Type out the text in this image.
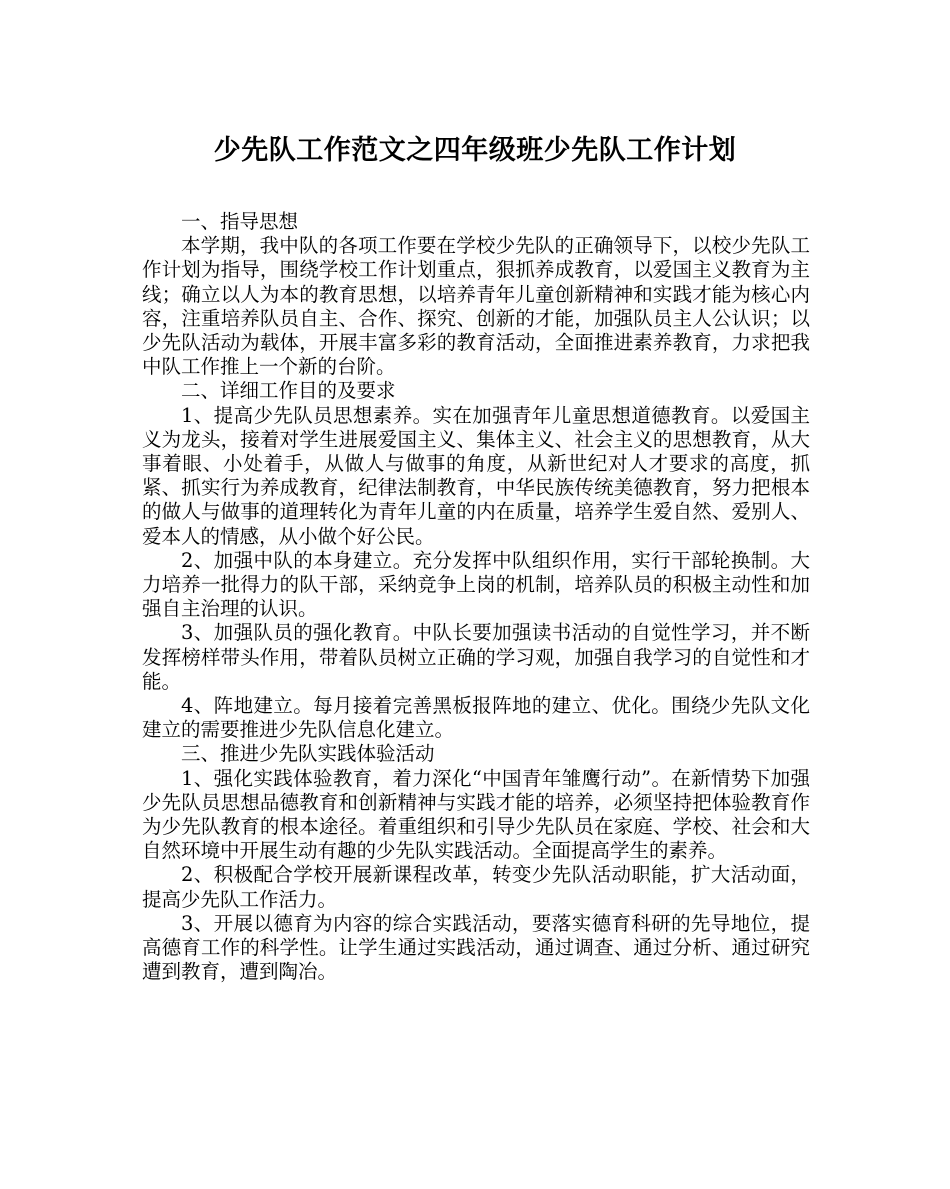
少先队工作范文之四年级班少先队工作计划

一、指导思想

本学期，我中队的各项工作要在学校少先队的正确领导下，以校少先队工作计划为指导，围绕学校工作计划重点，狠抓养成教育，以爱国主义教育为主线；确立以人为本的教育思想，以培养青年儿童创新精神和实践才能为核心内容，注重培养队员自主、合作、探究、创新的才能，加强队员主人公认识；以少先队活动为载体，开展丰富多彩的教育活动，全面推进素养教育，力求把我中队工作推上一个新的台阶。

二、详细工作目的及要求

1、提高少先队员思想素养。实在加强青年儿童思想道德教育。以爱国主义为龙头，接着对学生进展爱国主义、集体主义、社会主义的思想教育，从大事着眼、小处着手，从做人与做事的角度，从新世纪对人才要求的高度，抓紧、抓实行为养成教育，纪律法制教育，中华民族传统美德教育，努力把根本的做人与做事的道理转化为青年儿童的内在质量，培养学生爱自然、爱别人、爱本人的情感，从小做个好公民。

2、加强中队的本身建立。充分发挥中队组织作用，实行干部轮换制。大力培养一批得力的队干部，采纳竞争上岗的机制，培养队员的积极主动性和加强自主治理的认识。

3、加强队员的强化教育。中队长要加强读书活动的自觉性学习，并不断发挥榜样带头作用，带着队员树立正确的学习观，加强自我学习的自觉性和才能。

4、阵地建立。每月接着完善黑板报阵地的建立、优化。围绕少先队文化建立的需要推进少先队信息化建立。

三、推进少先队实践体验活动

1、强化实践体验教育，着力深化“中国青年雏鹰行动”。在新情势下加强少先队员思想品德教育和创新精神与实践才能的培养，必须坚持把体验教育作为少先队教育的根本途径。着重组织和引导少先队员在家庭、学校、社会和大自然环境中开展生动有趣的少先队实践活动。全面提高学生的素养。

2、积极配合学校开展新课程改革，转变少先队活动职能，扩大活动面，提高少先队工作活力。

3、开展以德育为内容的综合实践活动，要落实德育科研的先导地位，提高德育工作的科学性。让学生通过实践活动，通过调查、通过分析、通过研究遭到教育，遭到陶冶。
